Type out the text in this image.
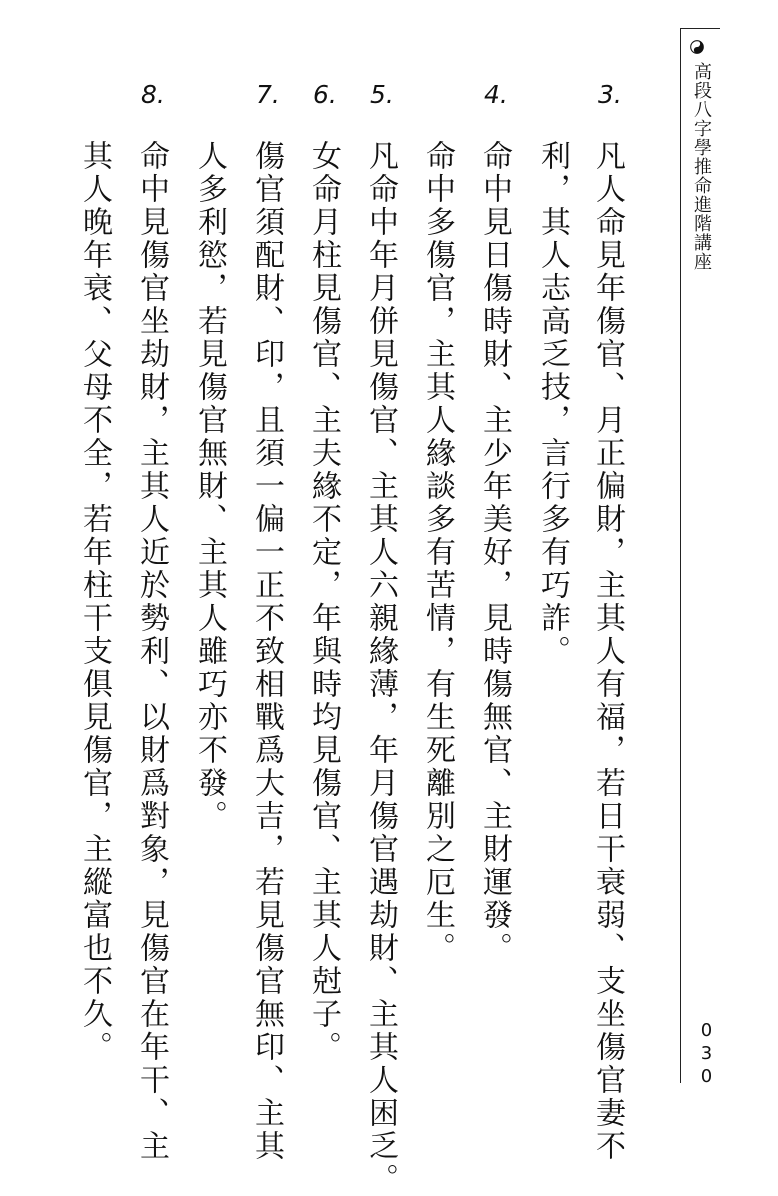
高段八字學推命進階講座
030
3.
凡人命見年傷官、月正偏財，主其人有福，若日干衰弱、支坐傷官妻不
利，其人志高乏技，言行多有巧詐。
4.
命中見日傷時財、主少年美好，見時傷無官、主財運發。
命中多傷官，主其人緣談多有苦情，有生死離別之厄生。
5.
凡命中年月併見傷官、主其人六親緣薄，年月傷官遇劫財、主其人困乏。
6.
女命月柱見傷官、主夫緣不定，年與時均見傷官、主其人尅子。
7.
傷官須配財、印，且須一偏一正不致相戰爲大吉，若見傷官無印、主其
人多利慾，若見傷官無財、主其人雖巧亦不發。
8.
命中見傷官坐劫財，主其人近於勢利、以財爲對象，見傷官在年干、主
其人晚年衰、父母不全，若年柱干支俱見傷官，主縱富也不久。
